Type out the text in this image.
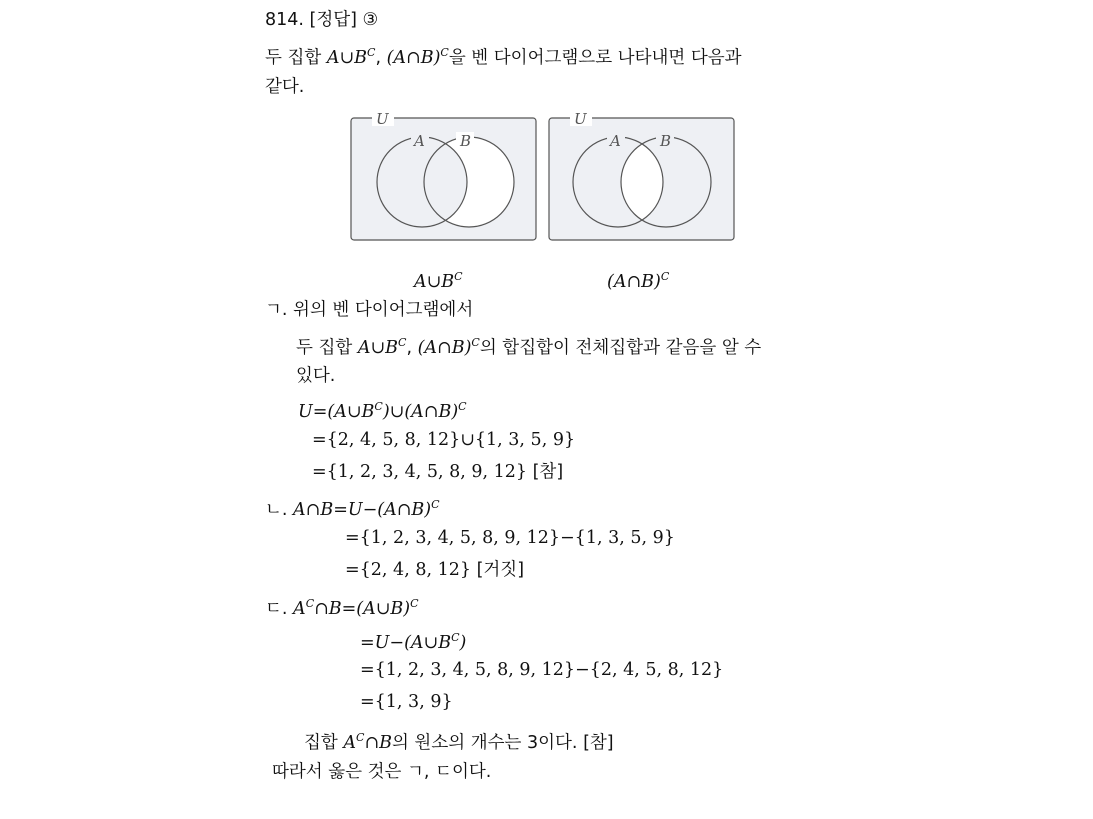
814. [정답] ③
두 집합 $A\cup B^C$, (A∩B)$^C$을 벤 다이어그램으로 나타내면 다음과
같다.
U
A B
U
A	B
$A\cup B^C$	(A∩B)$^C$
ㄱ. 위의 벤 다이어그램에서
두 집합 $A\cup B^C$, (A∩B)$^C$의 합집합이 전체집합과 같음을 알 수
있다.
$U=(A\cup B^C)\cup(A\cap B)^C$
={2, 4, 5, 8, 12}∪{1, 3, 5, 9}
={1, 2, 3, 4, 5, 8, 9, 12} [참]
ㄴ. A∩B=U−(A∩B)$^C$
={1, 2, 3, 4, 5, 8, 9, 12}−{1, 3, 5, 9}
={2, 4, 8, 12} [거짓]
ㄷ. $A^C\cap B=(A\cup B)^C$
$=U-(A\cup B^C)$
={1, 2, 3, 4, 5, 8, 9, 12}−{2, 4, 5, 8, 12}
={1, 3, 9}
집합 $A^C\cap B$의 원소의 개수는 3이다. [참]
따라서 옳은 것은 ㄱ, ㄷ이다.
